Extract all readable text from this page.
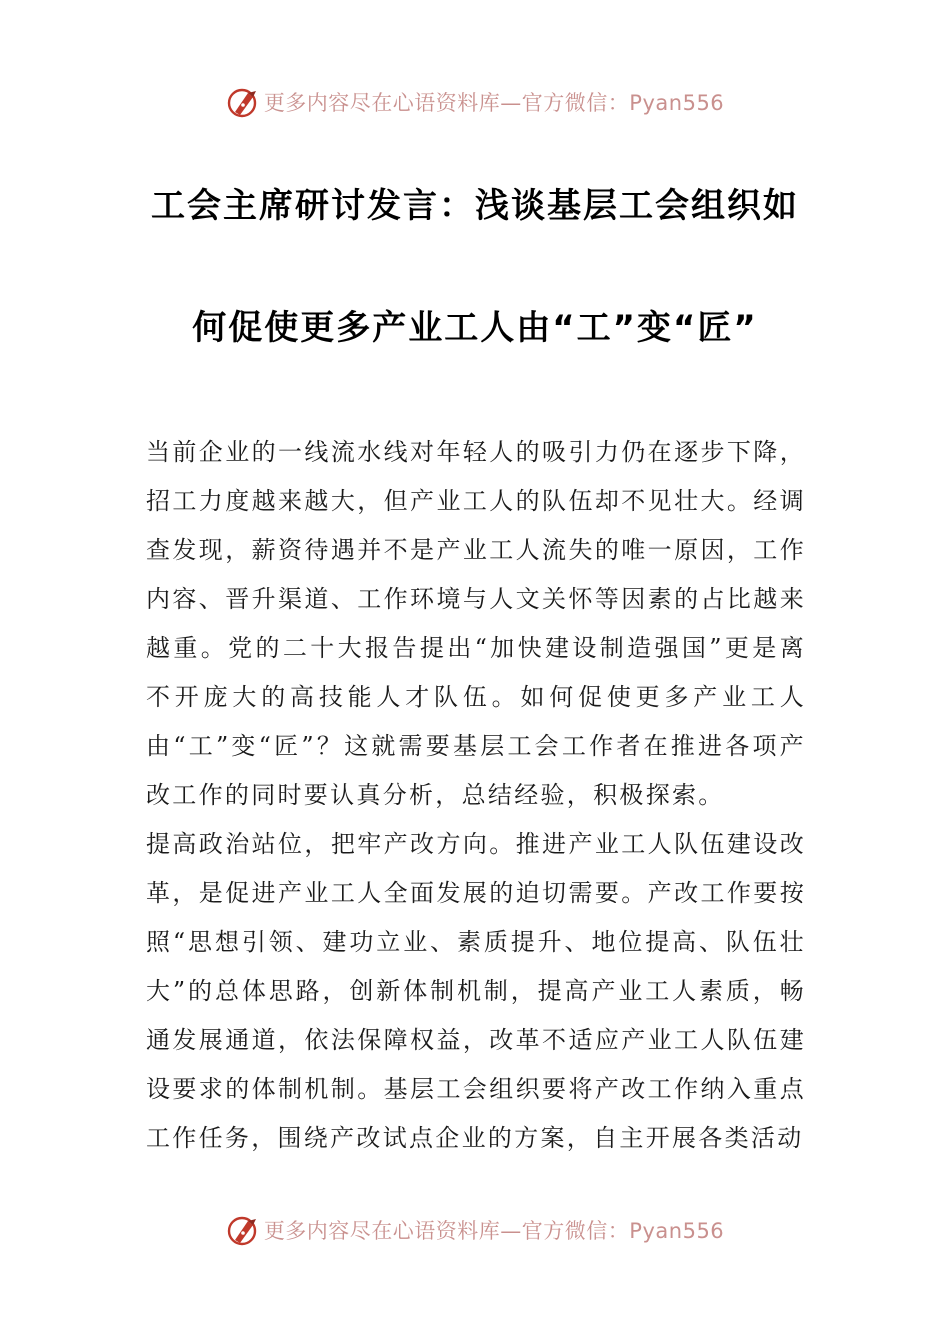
更多内容尽在心语资料库—官方微信：Pyan556
工会主席研讨发言：浅谈基层工会组织如
何促使更多产业工人由“工”变“匠”

当前企业的一线流水线对年轻人的吸引力仍在逐步下降，招工力度越来越大，但产业工人的队伍却不见壮大。经调查发现，薪资待遇并不是产业工人流失的唯一原因，工作内容、晋升渠道、工作环境与人文关怀等因素的占比越来越重。党的二十大报告提出“加快建设制造强国”更是离不开庞大的高技能人才队伍。如何促使更多产业工人由“工”变“匠”？这就需要基层工会工作者在推进各项产改工作的同时要认真分析，总结经验，积极探索。

提高政治站位，把牢产改方向。推进产业工人队伍建设改革，是促进产业工人全面发展的迫切需要。产改工作要按照“思想引领、建功立业、素质提升、地位提高、队伍壮大”的总体思路，创新体制机制，提高产业工人素质，畅通发展通道，依法保障权益，改革不适应产业工人队伍建设要求的体制机制。基层工会组织要将产改工作纳入重点工作任务，围绕产改试点企业的方案，自主开展各类活动

更多内容尽在心语资料库—官方微信：Pyan556
